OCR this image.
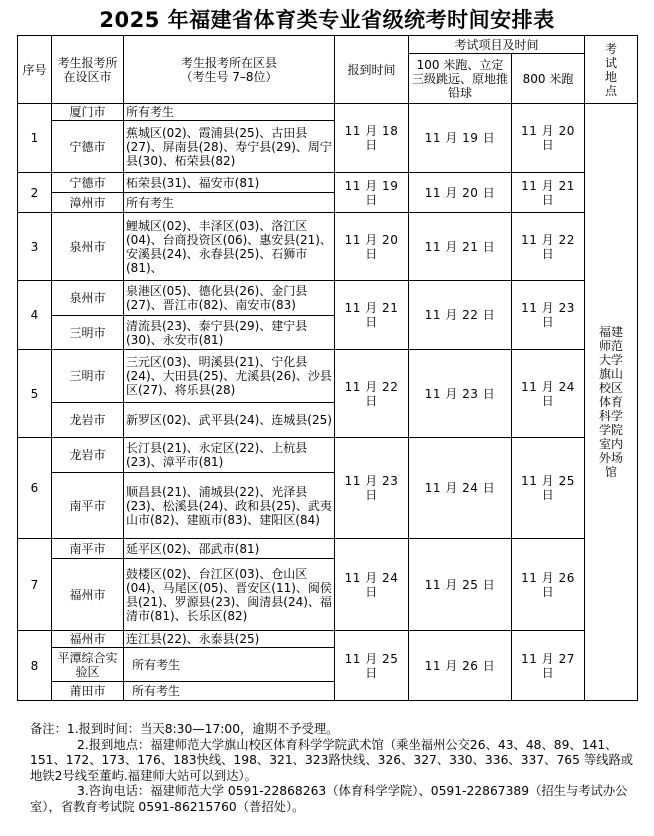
2025 年福建省体育类专业省级统考时间安排表
序号	考生报考所在设区市	考生报考所在区县
（考生号 7–8位）	报到时间	考试项目及时间		考试地点
				100 米跑、立定三级跳远、原地推铅球	800 米跑	
1	厦门市	所有考生	11 月 18 日	11 月 19 日	11 月 20 日	福建师范大学旗山校区体育科学学院室内外场馆
	宁德市	蕉城区(02)、霞浦县(25)、古田县(27)、屏南县(28)、寿宁县(29)、周宁县(30)、柘荣县(82)				
2	宁德市	柘荣县(31)、福安市(81)	11 月 19 日	11 月 20 日	11 月 21 日	
	漳州市	所有考生				
3	泉州市	鲤城区(02)、丰泽区(03)、洛江区(04)、台商投资区(06)、惠安县(21)、安溪县(24)、永春县(25)、石狮市(81)、	11 月 20 日	11 月 21 日	11 月 22 日	
4	泉州市	泉港区(05)、德化县(26)、金门县(27)、晋江市(82)、南安市(83)	11 月 21 日	11 月 22 日	11 月 23 日	
	三明市	清流县(23)、泰宁县(29)、建宁县(30)、永安市(81)				
5	三明市	三元区(03)、明溪县(21)、宁化县(24)、大田县(25)、尤溪县(26)、沙县区(27)、将乐县(28)	11 月 22 日	11 月 23 日	11 月 24 日	
	龙岩市	新罗区(02)、武平县(24)、连城县(25)				
6	龙岩市	长汀县(21)、永定区(22)、上杭县(23)、漳平市(81)	11 月 23 日	11 月 24 日	11 月 25 日	
	南平市	顺昌县(21)、浦城县(22)、光泽县(23)、松溪县(24)、政和县(25)、武夷山市(82)、建瓯市(83)、建阳区(84)				
7	南平市	延平区(02)、邵武市(81)	11 月 24 日	11 月 25 日	11 月 26 日	
	福州市	鼓楼区(02)、台江区(03)、仓山区(04)、马尾区(05)、晋安区(11)、闽侯县(21)、罗源县(23)、闽清县(24)、福清市(81)、长乐区(82)				
8	福州市	连江县(22)、永泰县(25)	11 月 25 日	11 月 26 日	11 月 27 日	
	平潭综合实验区	所有考生				
	莆田市	所有考生				

备注：1.报到时间：当天8:30—17:00，逾期不予受理。

2.报到地点：福建师范大学旗山校区体育科学学院武术馆（乘坐福州公交26、43、48、89、141、151、172、173、176、183快线、198、321、323路快线、326、327、330、336、337、765 等线路或地铁2号线至董屿.福建师大站可以到达）。

3.咨询电话：福建师范大学 0591-22868263（体育科学学院）、0591-22867389（招生与考试办公室），省教育考试院 0591-86215760（普招处）。
